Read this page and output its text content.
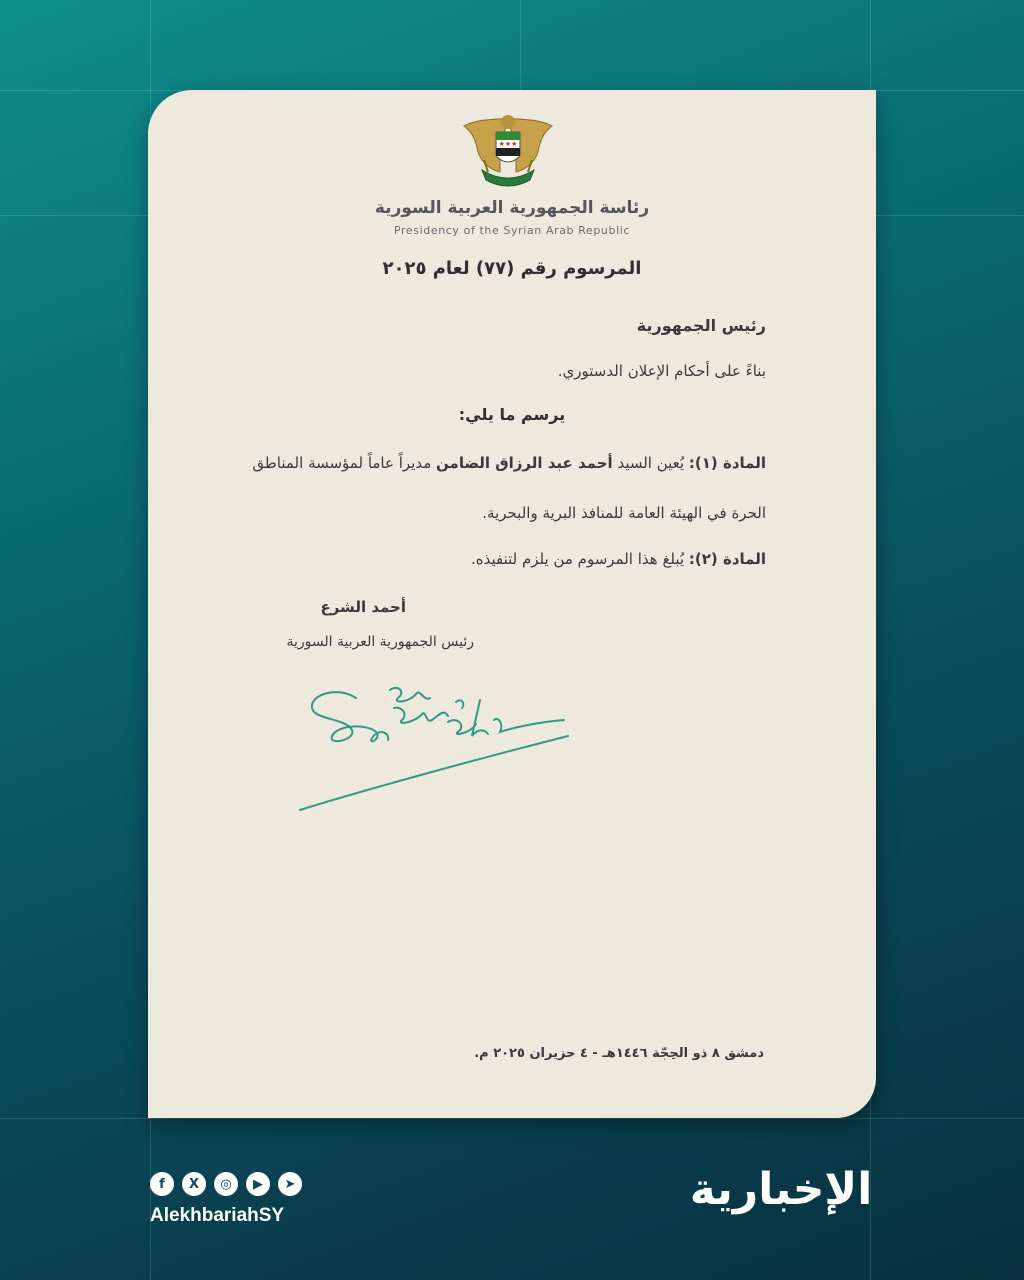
★★★
رئاسة الجمهورية العربية السورية
Presidency of the Syrian Arab Republic
المرسوم رقم (٧٧) لعام ٢٠٢٥
رئيس الجمهورية
بناءً على أحكام الإعلان الدستوري.
يرسم ما يلي:
المادة (١): يُعين السيد أحمد عبد الرزاق الضامن مديراً عاماً لمؤسسة المناطق
الحرة في الهيئة العامة للمنافذ البرية والبحرية.
المادة (٢): يُبلغ هذا المرسوم من يلزم لتنفيذه.
أحمد الشرع
رئيس الجمهورية العربية السورية
دمشق ٨ ذو الحِجّة ١٤٤٦هـ - ٤ حزيران ٢٠٢٥ م.
f	X	◎	▶	➤
AlekhbariahSY
الإخبارية
